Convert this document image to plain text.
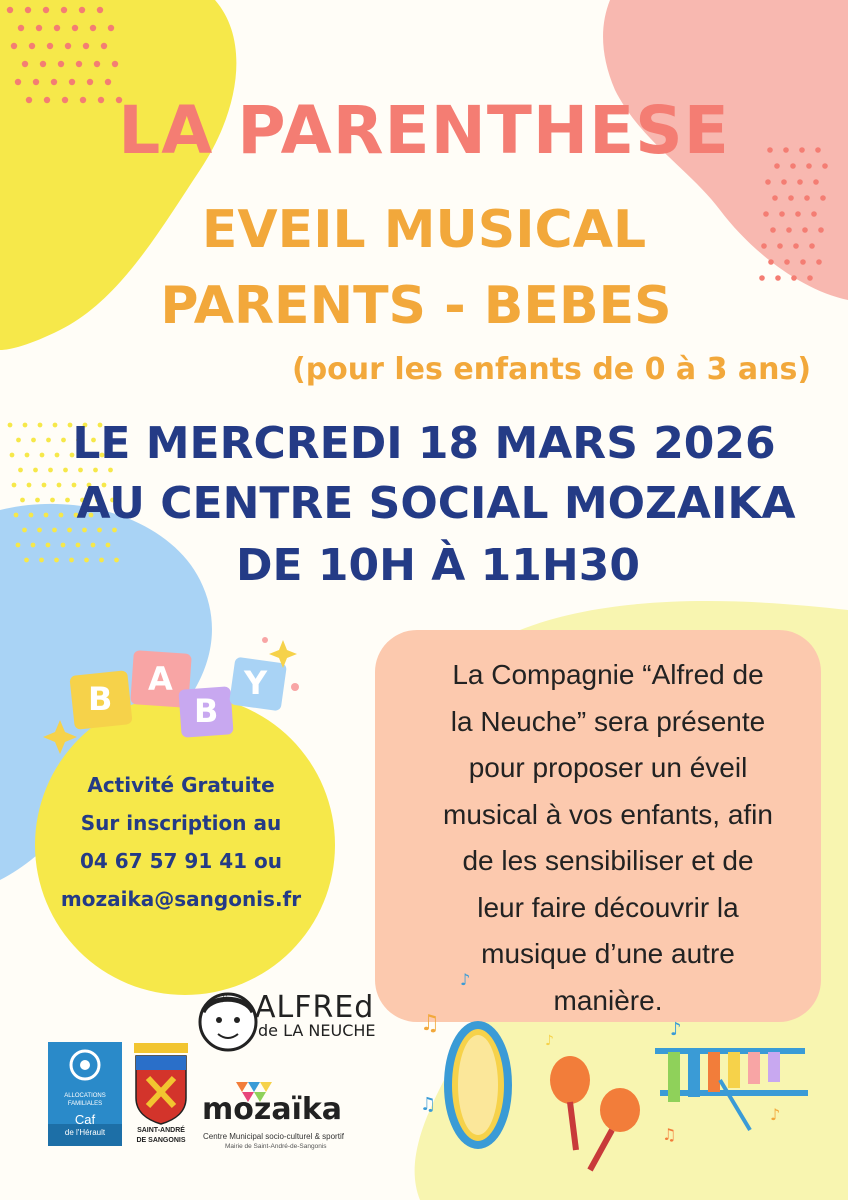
♫
♪
♫
♪
♪
♪
♫
♪
LA PARENTHESE
EVEIL MUSICAL
PARENTS - BEBES

(pour les enfants de 0 à 3 ans)

LE MERCREDI 18 MARS 2026
AU CENTRE SOCIAL MOZAIKA
DE 10H À 11H30
B
A
B
Y
Activité Gratuite
Sur inscription au
04 67 57 91 41 ou
mozaika@sangonis.fr
La Compagnie “Alfred de
la Neuche” sera présente
pour proposer un éveil
musical à vos enfants, afin
de les sensibiliser et de
leur faire découvrir la
musique d’une autre
manière.
ALFREd
de LA NEUCHE
ALLOCATIONS
FAMILIALES
Caf
de l'Hérault	SAINT-ANDRÉ
DE SANGONIS
mozaïka
Centre Municipal socio-culturel & sportif
Mairie de Saint-André-de-Sangonis
